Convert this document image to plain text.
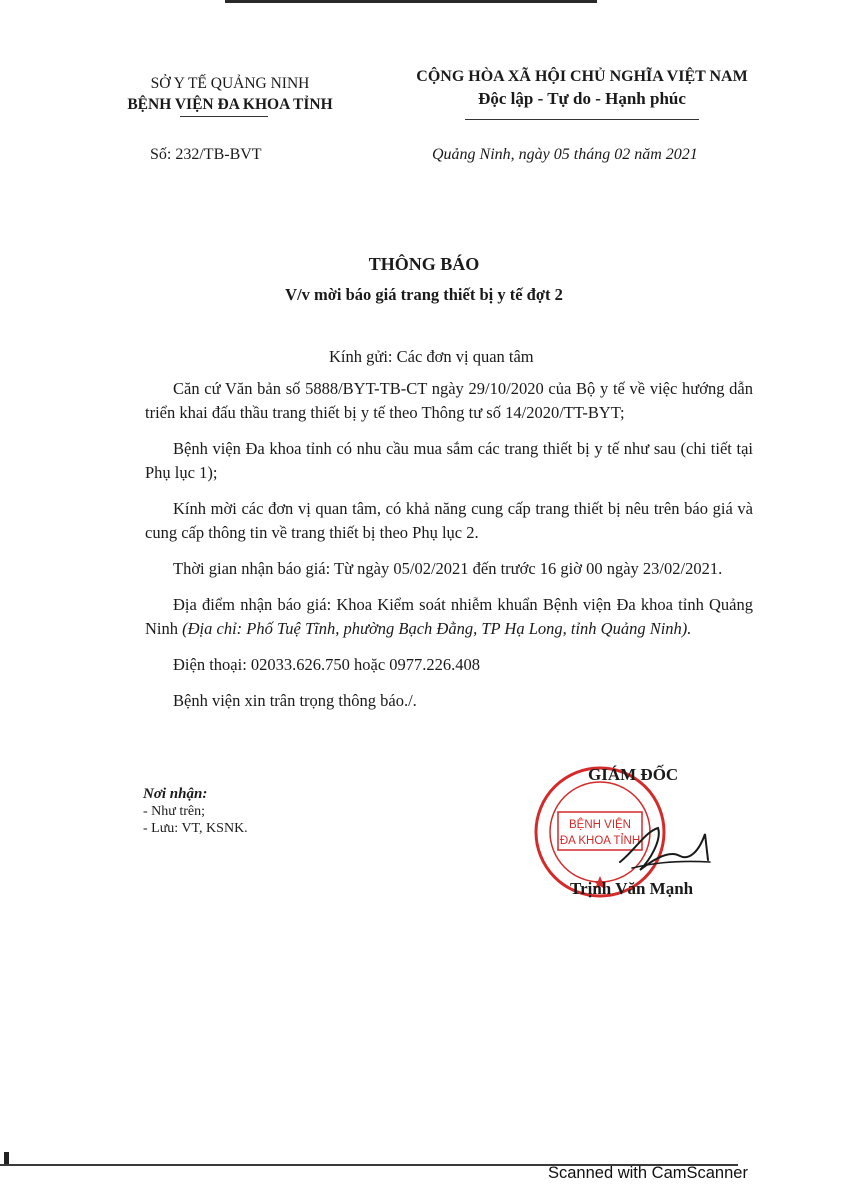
SỞ Y TẾ QUẢNG NINH
BỆNH VIỆN ĐA KHOA TỈNH
CỘNG HÒA XÃ HỘI CHỦ NGHĨA VIỆT NAM
Độc lập - Tự do - Hạnh phúc
Số: 232/TB-BVT	Quảng Ninh, ngày 05 tháng 02 năm 2021
THÔNG BÁO
V/v mời báo giá trang thiết bị y tế đợt 2

Kính gửi: Các đơn vị quan tâm

Căn cứ Văn bản số 5888/BYT-TB-CT ngày 29/10/2020 của Bộ y tế về việc hướng dẫn triển khai đấu thầu trang thiết bị y tế theo Thông tư số 14/2020/TT-BYT;

Bệnh viện Đa khoa tỉnh có nhu cầu mua sắm các trang thiết bị y tế như sau (chi tiết tại Phụ lục 1);

Kính mời các đơn vị quan tâm, có khả năng cung cấp trang thiết bị nêu trên báo giá và cung cấp thông tin về trang thiết bị theo Phụ lục 2.

Thời gian nhận báo giá: Từ ngày 05/02/2021 đến trước 16 giờ 00 ngày 23/02/2021.

Địa điểm nhận báo giá: Khoa Kiểm soát nhiễm khuẩn Bệnh viện Đa khoa tỉnh Quảng Ninh (Địa chỉ: Phố Tuệ Tĩnh, phường Bạch Đằng, TP Hạ Long, tỉnh Quảng Ninh).

Điện thoại: 02033.626.750 hoặc 0977.226.408

Bệnh viện xin trân trọng thông báo./.

Nơi nhận:
- Như trên;
- Lưu: VT, KSNK.	BỆNH VIỆN
ĐA KHOA TỈNH
GIÁM ĐỐC
Trịnh Văn Mạnh
Scanned with CamScanner
